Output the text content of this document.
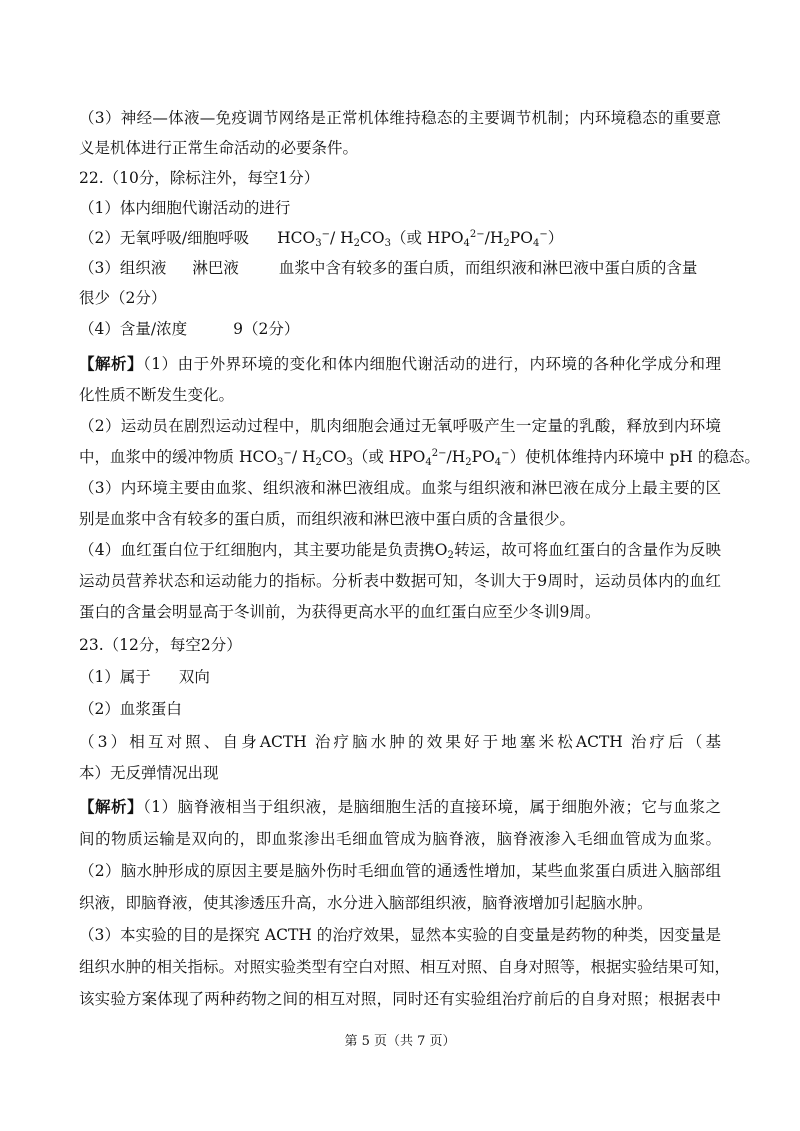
（3）神经—体液—免疫调节网络是正常机体维持稳态的主要调节机制；内环境稳态的重要意
义是机体进行正常生命活动的必要条件。
22.（10分，除标注外，每空1分）
（1）体内细胞代谢活动的进行
（2）无氧呼吸/细胞呼吸 $HCO_3^-/$ $H_2CO_3$（或 $HPO_4^{2-}/H_2PO_4^-$）
（3）组织液 淋巴液	血浆中含有较多的蛋白质，而组织液和淋巴液中蛋白质的含量
很少（2分）
（4）含量/浓度	9（2分）
【解析】（1）由于外界环境的变化和体内细胞代谢活动的进行，内环境的各种化学成分和理
化性质不断发生变化。
（2）运动员在剧烈运动过程中，肌肉细胞会通过无氧呼吸产生一定量的乳酸，释放到内环境
中，血浆中的缓冲物质 $HCO_3^-/$ $H_2CO_3$（或 $HPO_4^{2-}/H_2PO_4^-$）使机体维持内环境中 pH 的稳态。
（3）内环境主要由血浆、组织液和淋巴液组成。血浆与组织液和淋巴液在成分上最主要的区
别是血浆中含有较多的蛋白质，而组织液和淋巴液中蛋白质的含量很少。
（4）血红蛋白位于红细胞内，其主要功能是负责携$O_2$转运，故可将血红蛋白的含量作为反映
运动员营养状态和运动能力的指标。分析表中数据可知，冬训大于9周时，运动员体内的血红
蛋白的含量会明显高于冬训前，为获得更高水平的血红蛋白应至少冬训9周。
23.（12分，每空2分）
（1）属于 双向
（2）血浆蛋白
（3）相互对照、自身ACTH 治疗脑水肿的效果好于地塞米松ACTH 治疗后（基
本）无反弹情况出现
【解析】（1）脑脊液相当于组织液，是脑细胞生活的直接环境，属于细胞外液；它与血浆之
间的物质运输是双向的，即血浆渗出毛细血管成为脑脊液，脑脊液渗入毛细血管成为血浆。
（2）脑水肿形成的原因主要是脑外伤时毛细血管的通透性增加，某些血浆蛋白质进入脑部组
织液，即脑脊液，使其渗透压升高，水分进入脑部组织液，脑脊液增加引起脑水肿。
（3）本实验的目的是探究 ACTH 的治疗效果，显然本实验的自变量是药物的种类，因变量是
组织水肿的相关指标。对照实验类型有空白对照、相互对照、自身对照等，根据实验结果可知，
该实验方案体现了两种药物之间的相互对照，同时还有实验组治疗前后的自身对照；根据表中
第 5 页（共 7 页）
